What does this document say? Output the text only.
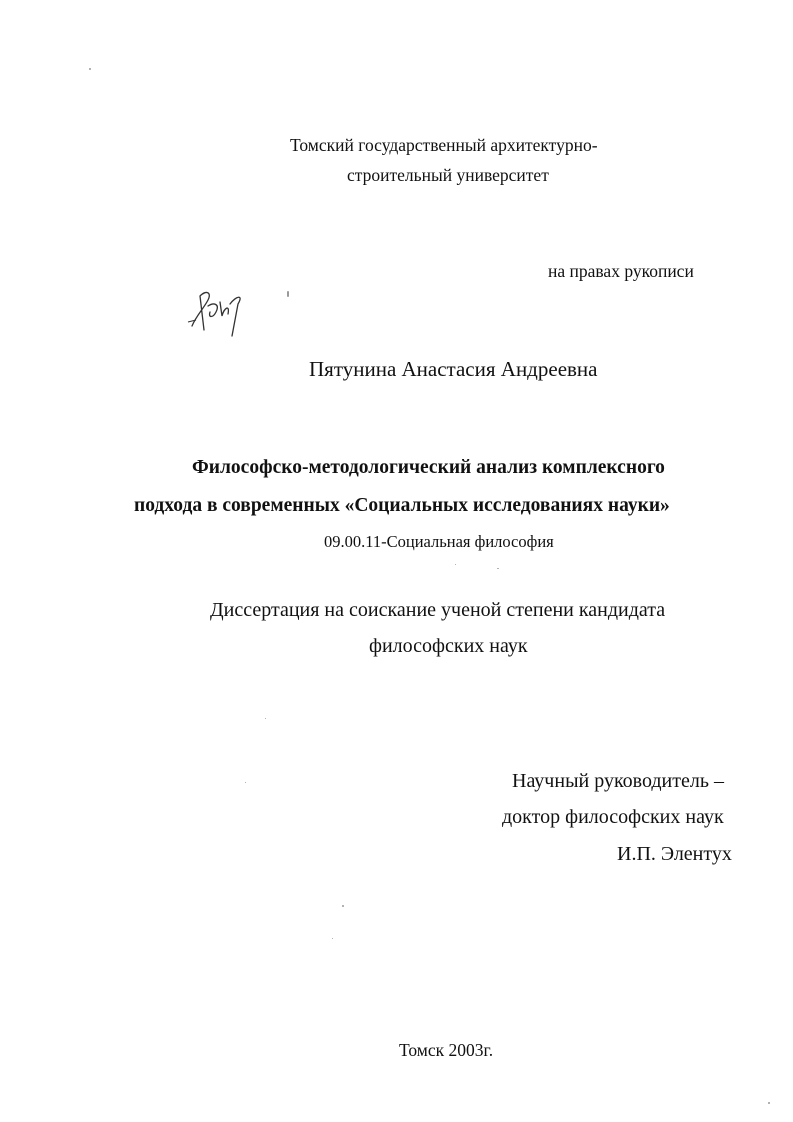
Томский государственный архитектурно-
строительный университет
на правах рукописи
Пятунина Анастасия Андреевна
Философско-методологический анализ комплексного
подхода в современных «Социальных исследованиях науки»
09.00.11-Социальная философия
Диссертация на соискание ученой степени кандидата
философских наук
Научный руководитель –
доктор философских наук
И.П. Элентух
Томск 2003г.
